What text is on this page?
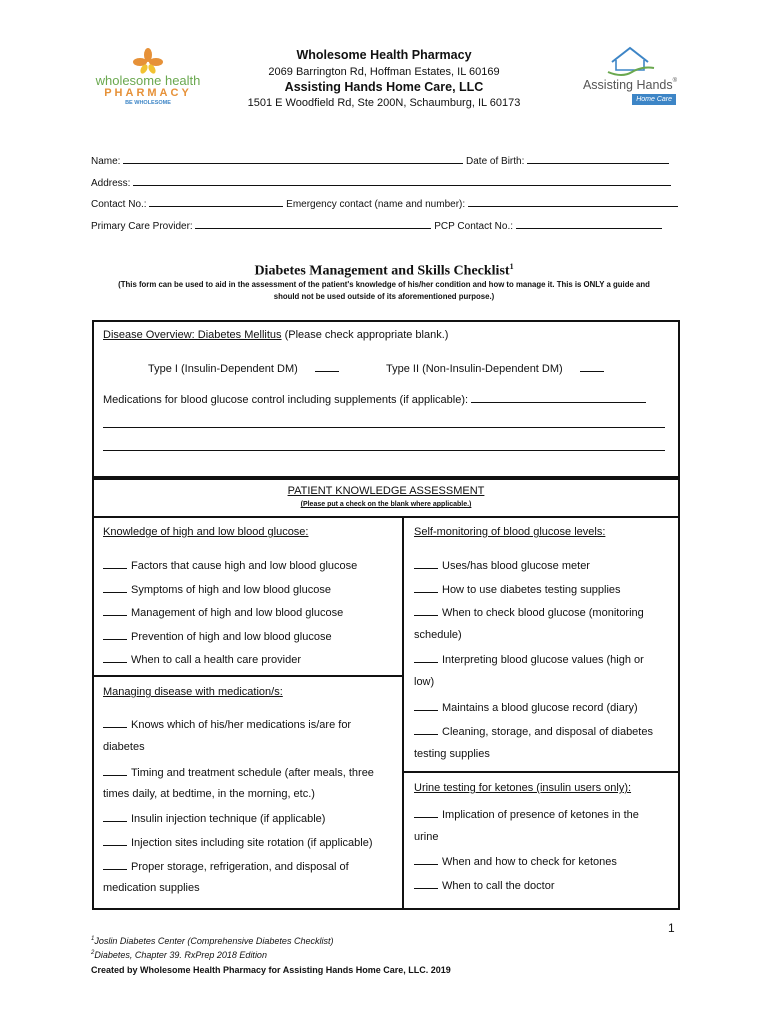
wholesome health
PHARMACY
BE WHOLESOME
Assisting Hands®
Home Care
Wholesome Health Pharmacy
2069 Barrington Rd, Hoffman Estates, IL 60169
Assisting Hands Home Care, LLC
1501 E Woodfield Rd, Ste 200N, Schaumburg, IL 60173
Name:	Date of Birth:
Address:
Contact No.:	Emergency contact (name and number):
Primary Care Provider:	PCP Contact No.:
Diabetes Management and Skills Checklist$^1$
(This form can be used to aid in the assessment of the patient's knowledge of his/her condition and how to manage it. This is ONLY a guide and
should not be used outside of its aforementioned purpose.)
Disease Overview: Diabetes Mellitus (Please check appropriate blank.)
Type I (Insulin-Dependent DM)	Type II (Non-Insulin-Dependent DM)
Medications for blood glucose control including supplements (if applicable):
PATIENT KNOWLEDGE ASSESSMENT
(Please put a check on the blank where applicable.)
Knowledge of high and low blood glucose:
Factors that cause high and low blood glucose
Symptoms of high and low blood glucose
Management of high and low blood glucose
Prevention of high and low blood glucose
When to call a health care provider
Managing disease with medication/s:
Knows which of his/her medications is/are for
diabetes
Timing and treatment schedule (after meals, three
times daily, at bedtime, in the morning, etc.)
Insulin injection technique (if applicable)
Injection sites including site rotation (if applicable)
Proper storage, refrigeration, and disposal of
medication supplies
Self-monitoring of blood glucose levels:
Uses/has blood glucose meter
How to use diabetes testing supplies
When to check blood glucose (monitoring
schedule)
Interpreting blood glucose values (high or
low)
Maintains a blood glucose record (diary)
Cleaning, storage, and disposal of diabetes
testing supplies
Urine testing for ketones (insulin users only):
Implication of presence of ketones in the
urine
When and how to check for ketones
When to call the doctor
1
$^1$Joslin Diabetes Center (Comprehensive Diabetes Checklist)
$^2$Diabetes, Chapter 39. RxPrep 2018 Edition
Created by Wholesome Health Pharmacy for Assisting Hands Home Care, LLC. 2019
